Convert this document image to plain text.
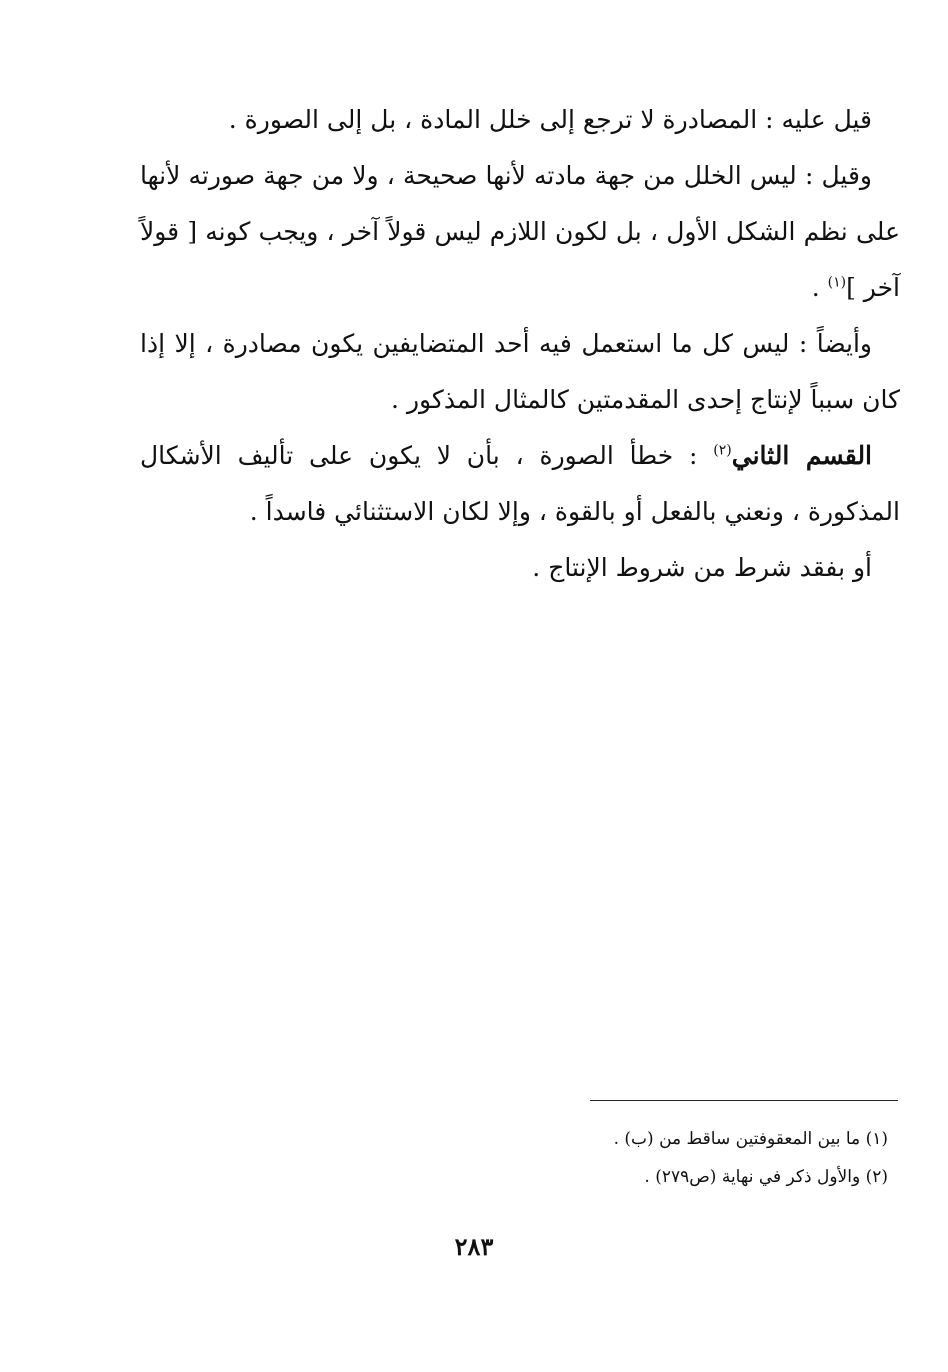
قيل عليه : المصادرة لا ترجع إلى خلل المادة ، بل إلى الصورة .

وقيل : ليس الخلل من جهة مادته لأنها صحيحة ، ولا من جهة صورته لأنها على نظم الشكل الأول ، بل لكون اللازم ليس قولاً آخر ، ويجب كونه [ قولاً آخر ]$^{(١)}$ .

وأيضاً : ليس كل ما استعمل فيه أحد المتضايفين يكون مصادرة ، إلا إذا كان سبباً لإنتاج إحدى المقدمتين كالمثال المذكور .

القسم الثاني$^{(٢)}$ : خطأ الصورة ، بأن لا يكون على تأليف الأشكال المذكورة ، ونعني بالفعل أو بالقوة ، وإلا لكان الاستثنائي فاسداً .

أو بفقد شرط من شروط الإنتاج .

(١) ما بين المعقوفتين ساقط من (ب) .

(٢) والأول ذكر في نهاية (ص٢٧٩) .

٢٨٣
